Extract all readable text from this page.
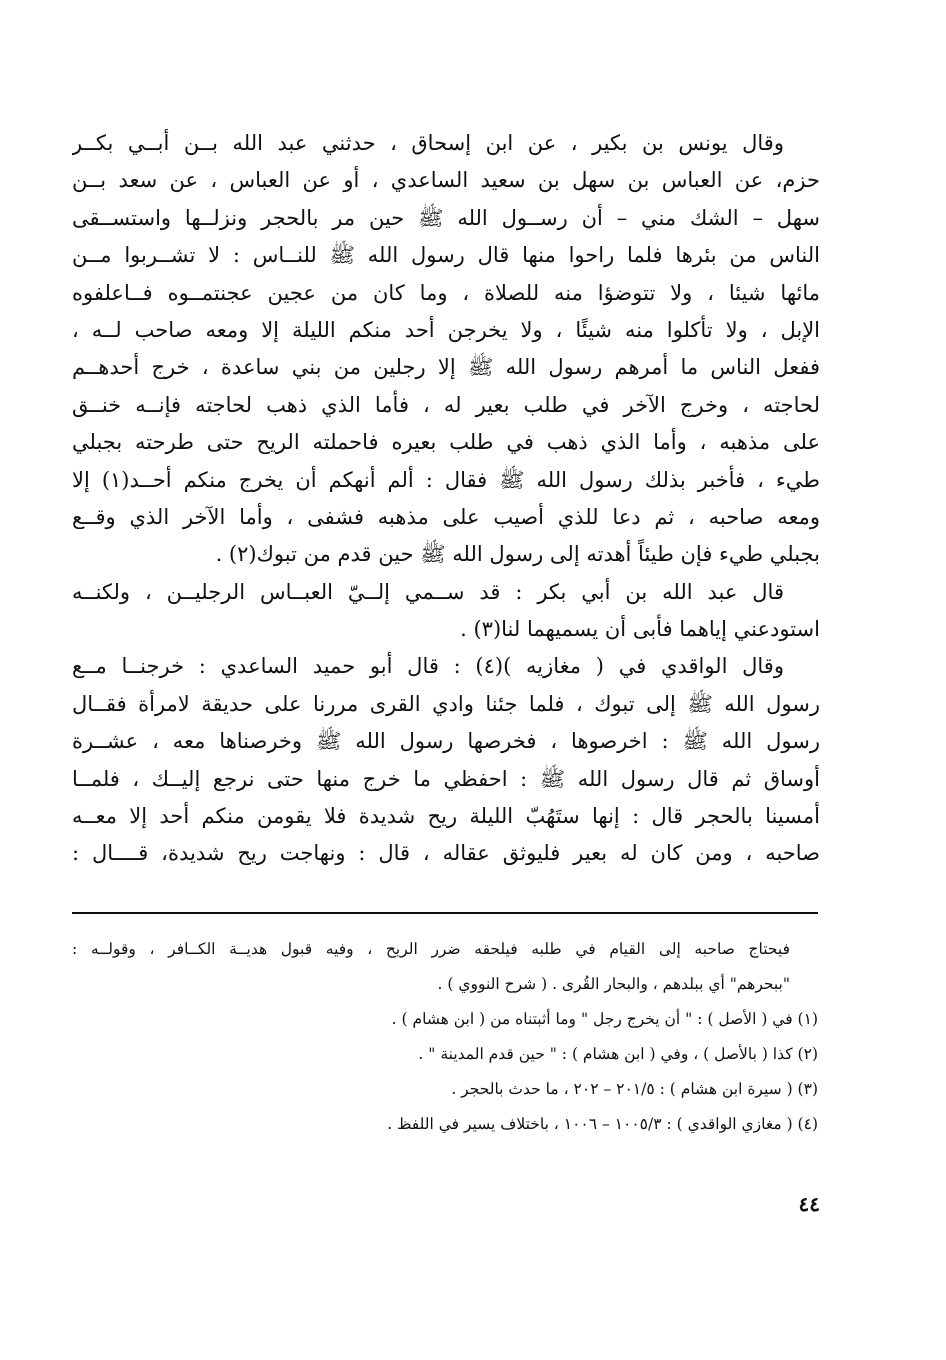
وقال يونس بن بكير ، عن ابن إسحاق ، حدثني عبد الله بــن أبــي بكــر
حزم، عن العباس بن سهل بن سعيد الساعدي ، أو عن العباس ، عن سعد بــن
سهل – الشك مني – أن رســول الله ﷺ حين مر بالحجر ونزلــها واستســقى
الناس من بئرها فلما راحوا منها قال رسول الله ﷺ للنــاس : لا تشــربوا مــن
مائها شيئا ، ولا تتوضؤا منه للصلاة ، وما كان من عجين عجنتمــوه فــاعلفوه
الإبل ، ولا تأكلوا منه شيئًا ، ولا يخرجن أحد منكم الليلة إلا ومعه صاحب لــه ،
ففعل الناس ما أمرهم رسول الله ﷺ إلا رجلين من بني ساعدة ، خرج أحدهــم
لحاجته ، وخرج الآخر في طلب بعير له ، فأما الذي ذهب لحاجته فإنــه خنــق
على مذهبه ، وأما الذي ذهب في طلب بعيره فاحملته الريح حتى طرحته بجبلي
طيء ، فأخبر بذلك رسول الله ﷺ فقال : ألم أنهكم أن يخرج منكم أحــد(١) إلا
ومعه صاحبه ، ثم دعا للذي أصيب على مذهبه فشفى ، وأما الآخر الذي وقــع
بجبلي طيء فإن طيئاً أهدته إلى رسول الله ﷺ حين قدم من تبوك(٢) .
قال عبد الله بن أبي بكر : قد ســمي إلــيّ العبــاس الرجليــن ، ولكنــه
استودعني إياهما فأبى أن يسميهما لنا(٣) .
وقال الواقدي في ( مغازيه )(٤) : قال أبو حميد الساعدي : خرجنــا مــع
رسول الله ﷺ إلى تبوك ، فلما جئنا وادي القرى مررنا على حديقة لامرأة فقــال
رسول الله ﷺ : اخرصوها ، فخرصها رسول الله ﷺ وخرصناها معه ، عشــرة
أوساق ثم قال رسول الله ﷺ : احفظي ما خرج منها حتى نرجع إليــك ، فلمــا
أمسينا بالحجر قال : إنها ستَهُبّ الليلة ريح شديدة فلا يقومن منكم أحد إلا معــه
صاحبه ، ومن كان له بعير فليوثق عقاله ، قال : ونهاجت ريح شديدة، قــــال :
فيحتاج صاحبه إلى القيام في طلبه فيلحقه ضرر الريح ، وفيه قبول هديــة الكــافر ، وقولــه :
"ببحرهم" أي ببلدهم ، والبحار القُرى . ( شرح النووي ) .
(١) في ( الأصل ) : " أن يخرج رجل " وما أثبتناه من ( ابن هشام ) .
(٢) كذا ( بالأصل ) ، وفي ( ابن هشام ) : " حين قدم المدينة " .
(٣) ( سيرة ابن هشام ) : ٢٠١/٥ – ٢٠٢ ، ما حدث بالحجر .
(٤) ( مغازي الواقدي ) : ١٠٠٥/٣ – ١٠٠٦ ، باختلاف يسير في اللفظ .
٤٤
